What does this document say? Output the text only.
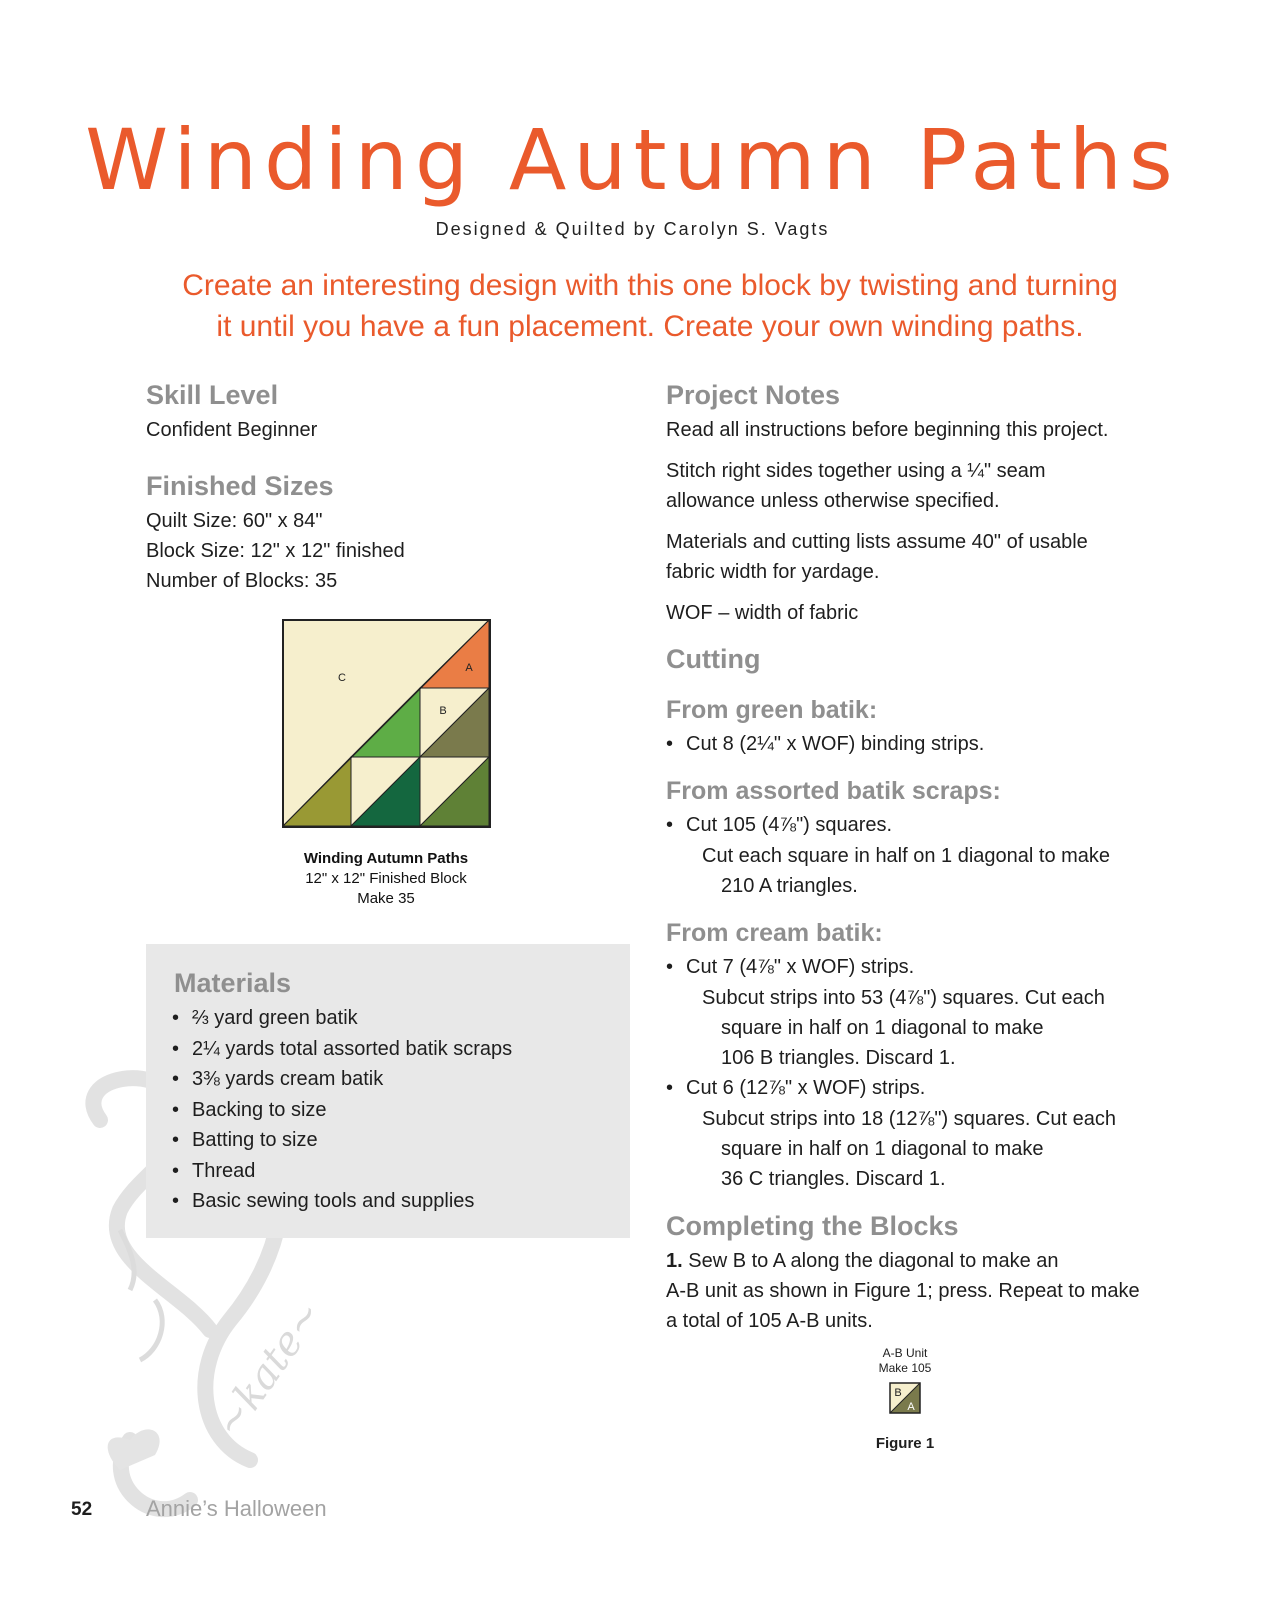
Winding Autumn Paths
Designed & Quilted by Carolyn S. Vagts
Create an interesting design with this one block by twisting and turning
it until you have a fun placement. Create your own winding paths.
Skill Level
Confident Beginner
Finished Sizes
Quilt Size: 60" x 84"
Block Size: 12" x 12" finished
Number of Blocks: 35
A
B
C
Winding Autumn Paths
12" x 12" Finished Block
Make 35
~kate~
Materials
• ⅔ yard green batik
• 2¼ yards total assorted batik scraps
• 3⅜ yards cream batik
• Backing to size
• Batting to size
• Thread
• Basic sewing tools and supplies
Project Notes
Read all instructions before beginning this project.
Stitch right sides together using a ¼" seam
allowance unless otherwise specified.
Materials and cutting lists assume 40" of usable
fabric width for yardage.
WOF – width of fabric
Cutting
From green batik:
• Cut 8 (2¼" x WOF) binding strips.
From assorted batik scraps:
• Cut 105 (4⅞") squares.
Cut each square in half on 1 diagonal to make
210 A triangles.
From cream batik:
• Cut 7 (4⅞" x WOF) strips.
Subcut strips into 53 (4⅞") squares. Cut each
square in half on 1 diagonal to make
106 B triangles. Discard 1.
• Cut 6 (12⅞" x WOF) strips.
Subcut strips into 18 (12⅞") squares. Cut each
square in half on 1 diagonal to make
36 C triangles. Discard 1.
Completing the Blocks
1. Sew B to A along the diagonal to make an
A-B unit as shown in Figure 1; press. Repeat to make
a total of 105 A-B units.
A-B Unit
Make 105
B
A
Figure 1
52 Annie’s Halloween
